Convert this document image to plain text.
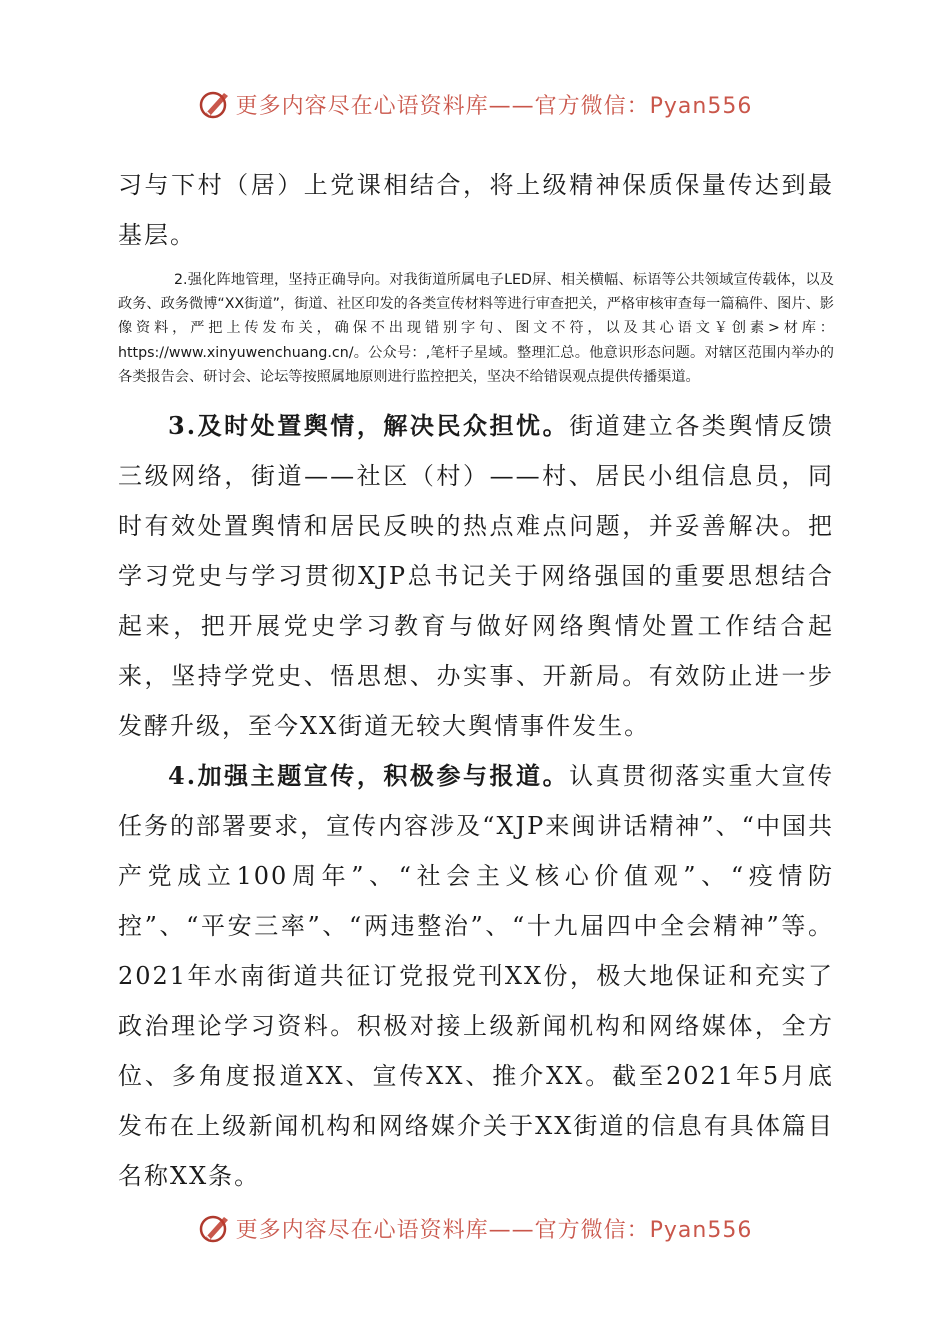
更多内容尽在心语资料库——官方微信：Pyan556

习与下村（居）上党课相结合，将上级精神保质保量传达到最基层。

2.强化阵地管理，坚持正确导向。对我街道所属电子LED屏、相关横幅、标语等公共领域宣传载体，以及政务、政务微博“XX街道”，街道、社区印发的各类宣传材料等进行审查把关，严格审核审查每一篇稿件、图片、影像资料，严把上传发布关，确保不出现错别字句、图文不符，以及其心语文￥创素>材库：https://www.xinyuwenchuang.cn/。公众号：,笔杆子星域。整理汇总。他意识形态问题。对辖区范围内举办的各类报告会、研讨会、论坛等按照属地原则进行监控把关，坚决不给错误观点提供传播渠道。

3.及时处置舆情，解决民众担忧。街道建立各类舆情反馈三级网络，街道——社区（村）——村、居民小组信息员，同时有效处置舆情和居民反映的热点难点问题，并妥善解决。把学习党史与学习贯彻XJP总书记关于网络强国的重要思想结合起来，把开展党史学习教育与做好网络舆情处置工作结合起来，坚持学党史、悟思想、办实事、开新局。有效防止进一步发酵升级，至今XX街道无较大舆情事件发生。

4.加强主题宣传，积极参与报道。认真贯彻落实重大宣传任务的部署要求，宣传内容涉及“XJP来闽讲话精神”、“中国共产党成立100周年”、“社会主义核心价值观”、“疫情防控”、“平安三率”、“两违整治”、“十九届四中全会精神”等。2021年水南街道共征订党报党刊XX份，极大地保证和充实了政治理论学习资料。积极对接上级新闻机构和网络媒体，全方位、多角度报道XX、宣传XX、推介XX。截至2021年5月底发布在上级新闻机构和网络媒介关于XX街道的信息有具体篇目名称XX条。

更多内容尽在心语资料库——官方微信：Pyan556
